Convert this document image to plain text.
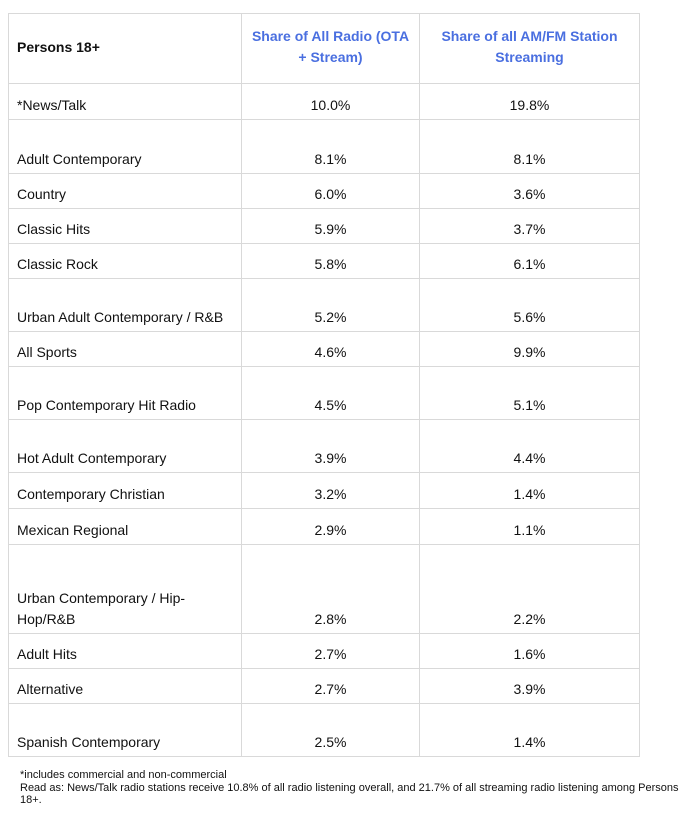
Persons 18+	Share of All Radio (OTA + Stream)	Share of all AM/FM Station Streaming
*News/Talk	10.0%	19.8%
Adult Contemporary	8.1%	8.1%
Country	6.0%	3.6%
Classic Hits	5.9%	3.7%
Classic Rock	5.8%	6.1%
Urban Adult Contemporary / R&B	5.2%	5.6%
All Sports	4.6%	9.9%
Pop Contemporary Hit Radio	4.5%	5.1%
Hot Adult Contemporary	3.9%	4.4%
Contemporary Christian	3.2%	1.4%
Mexican Regional	2.9%	1.1%
Urban Contemporary / Hip-Hop/R&B	2.8%	2.2%
Adult Hits	2.7%	1.6%
Alternative	2.7%	3.9%
Spanish Contemporary	2.5%	1.4%
*includes commercial and non-commercial
Read as: News/Talk radio stations receive 10.8% of all radio listening overall, and 21.7% of all streaming radio listening among Persons 18+.
